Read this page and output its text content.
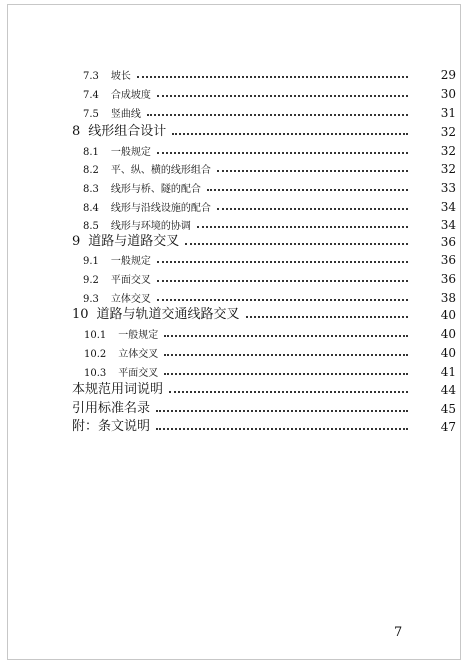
7.3 坡长	29
7.4 合成坡度	30
7.5 竖曲线	31
8 线形组合设计	32
8.1 一般规定	32
8.2 平、纵、横的线形组合	32
8.3 线形与桥、隧的配合	33
8.4 线形与沿线设施的配合	34
8.5 线形与环境的协调	34
9 道路与道路交叉	36
9.1 一般规定	36
9.2 平面交叉	36
9.3 立体交叉	38
10 道路与轨道交通线路交叉	40
10.1 一般规定	40
10.2 立体交叉	40
10.3 平面交叉	41
本规范用词说明	44
引用标准名录	45
附：条文说明	47
7
